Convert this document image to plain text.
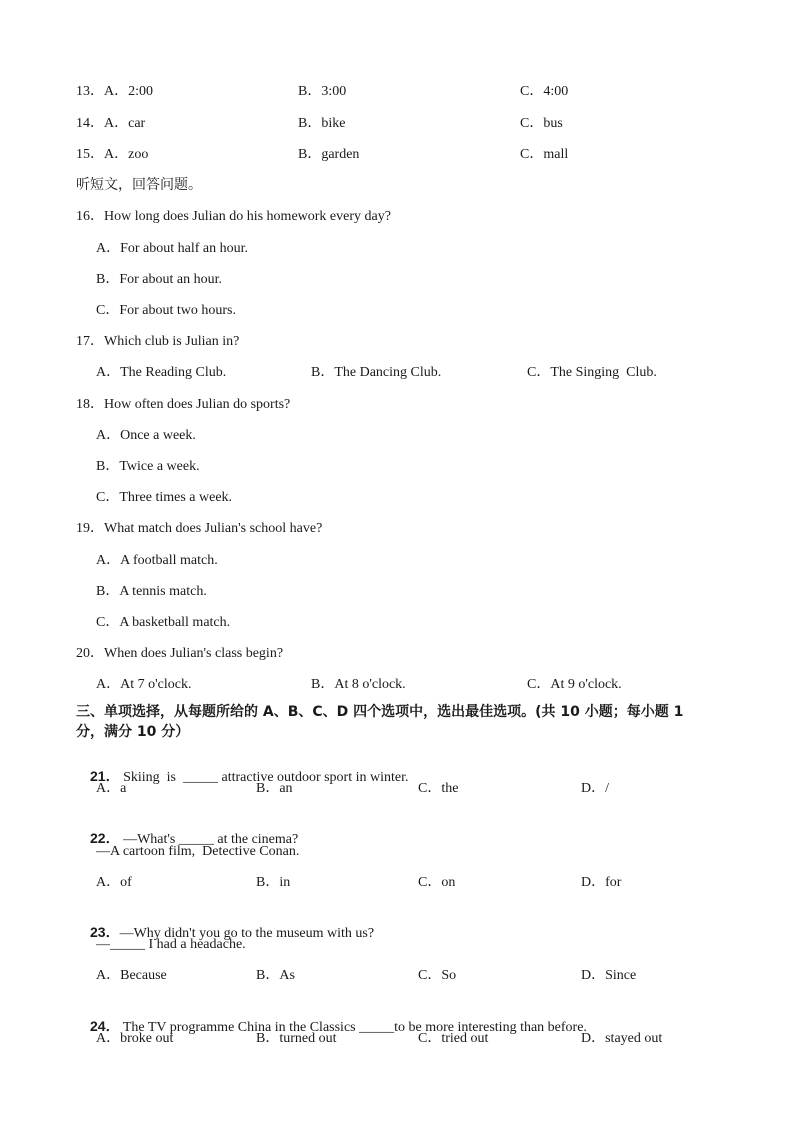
13． A．2:00	B．3:00	C．4:00
14． A．car	B．bike	C．bus
15． A．zoo	B．garden	C．mall
听短文，回答问题。
16．How long does Julian do his homework every day?
A．For about half an hour.
B．For about an hour.
C．For about two hours.
17．Which club is Julian in?
A．The Reading Club.	B．The Dancing Club.	C．The Singing  Club.
18．How often does Julian do sports?
A．Once a week.
B．Twice a week.
C．Three times a week.
19．What match does Julian's school have?
A．A football match.
B．A tennis match.
C．A basketball match.
20．When does Julian's class begin?
A．At 7 o'clock.	B．At 8 o'clock.	C．At 9 o'clock.
三、单项选择，从每题所给的 A、B、C、D 四个选项中，选出最佳选项。(共 10 小题；每小题 1
分，满分 10 分）

21． Skiing  is  _____ attractive outdoor sport in winter.

A．a	B．an	C．the	D．/

22． —What's _____ at the cinema?

—A cartoon film,  Detective Conan.
A．of	B．in	C．on	D．for

23．—Why didn't you go to the museum with us?

—_____ I had a headache.
A．Because	B．As	C．So	D．Since

24． The TV programme China in the Classics _____to be more interesting than before.

A．broke out	B．turned out	C．tried out	D．stayed out
